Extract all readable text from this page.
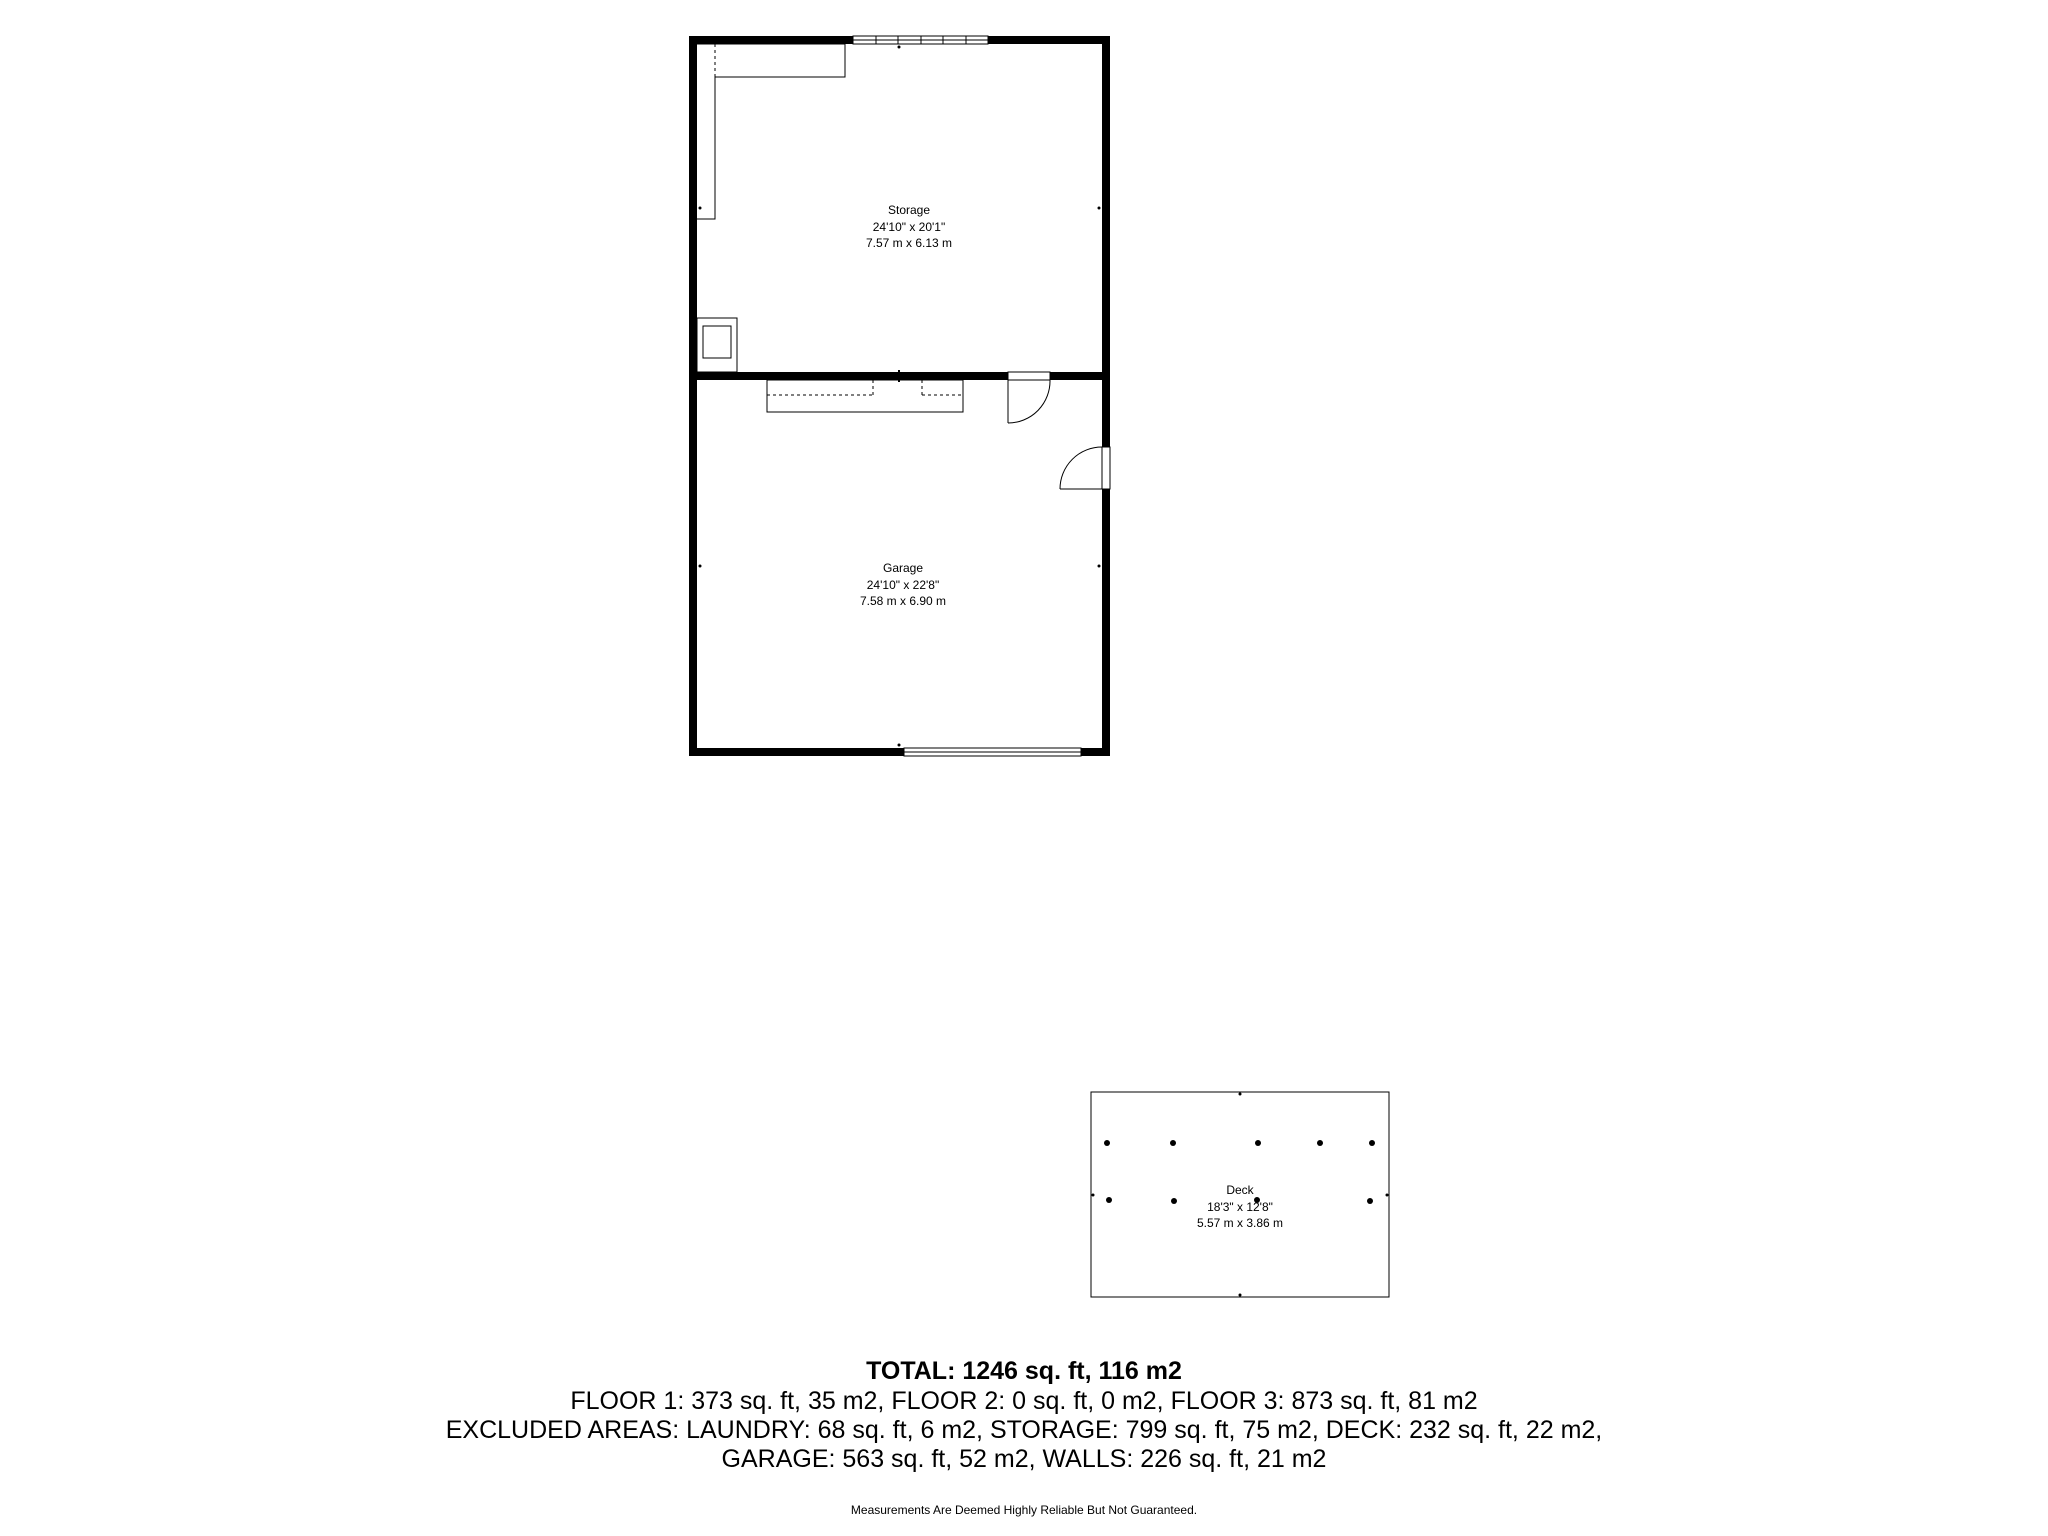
Storage
24'10" x 20'1"
7.57 m x 6.13 m
Garage
24'10" x 22'8"
7.58 m x 6.90 m
Deck
18'3" x 12'8"
5.57 m x 3.86 m
TOTAL: 1246 sq. ft, 116 m2
FLOOR 1: 373 sq. ft, 35 m2, FLOOR 2: 0 sq. ft, 0 m2, FLOOR 3: 873 sq. ft, 81 m2
EXCLUDED AREAS: LAUNDRY: 68 sq. ft, 6 m2, STORAGE: 799 sq. ft, 75 m2, DECK: 232 sq. ft, 22 m2,
GARAGE: 563 sq. ft, 52 m2, WALLS: 226 sq. ft, 21 m2
Measurements Are Deemed Highly Reliable But Not Guaranteed.
